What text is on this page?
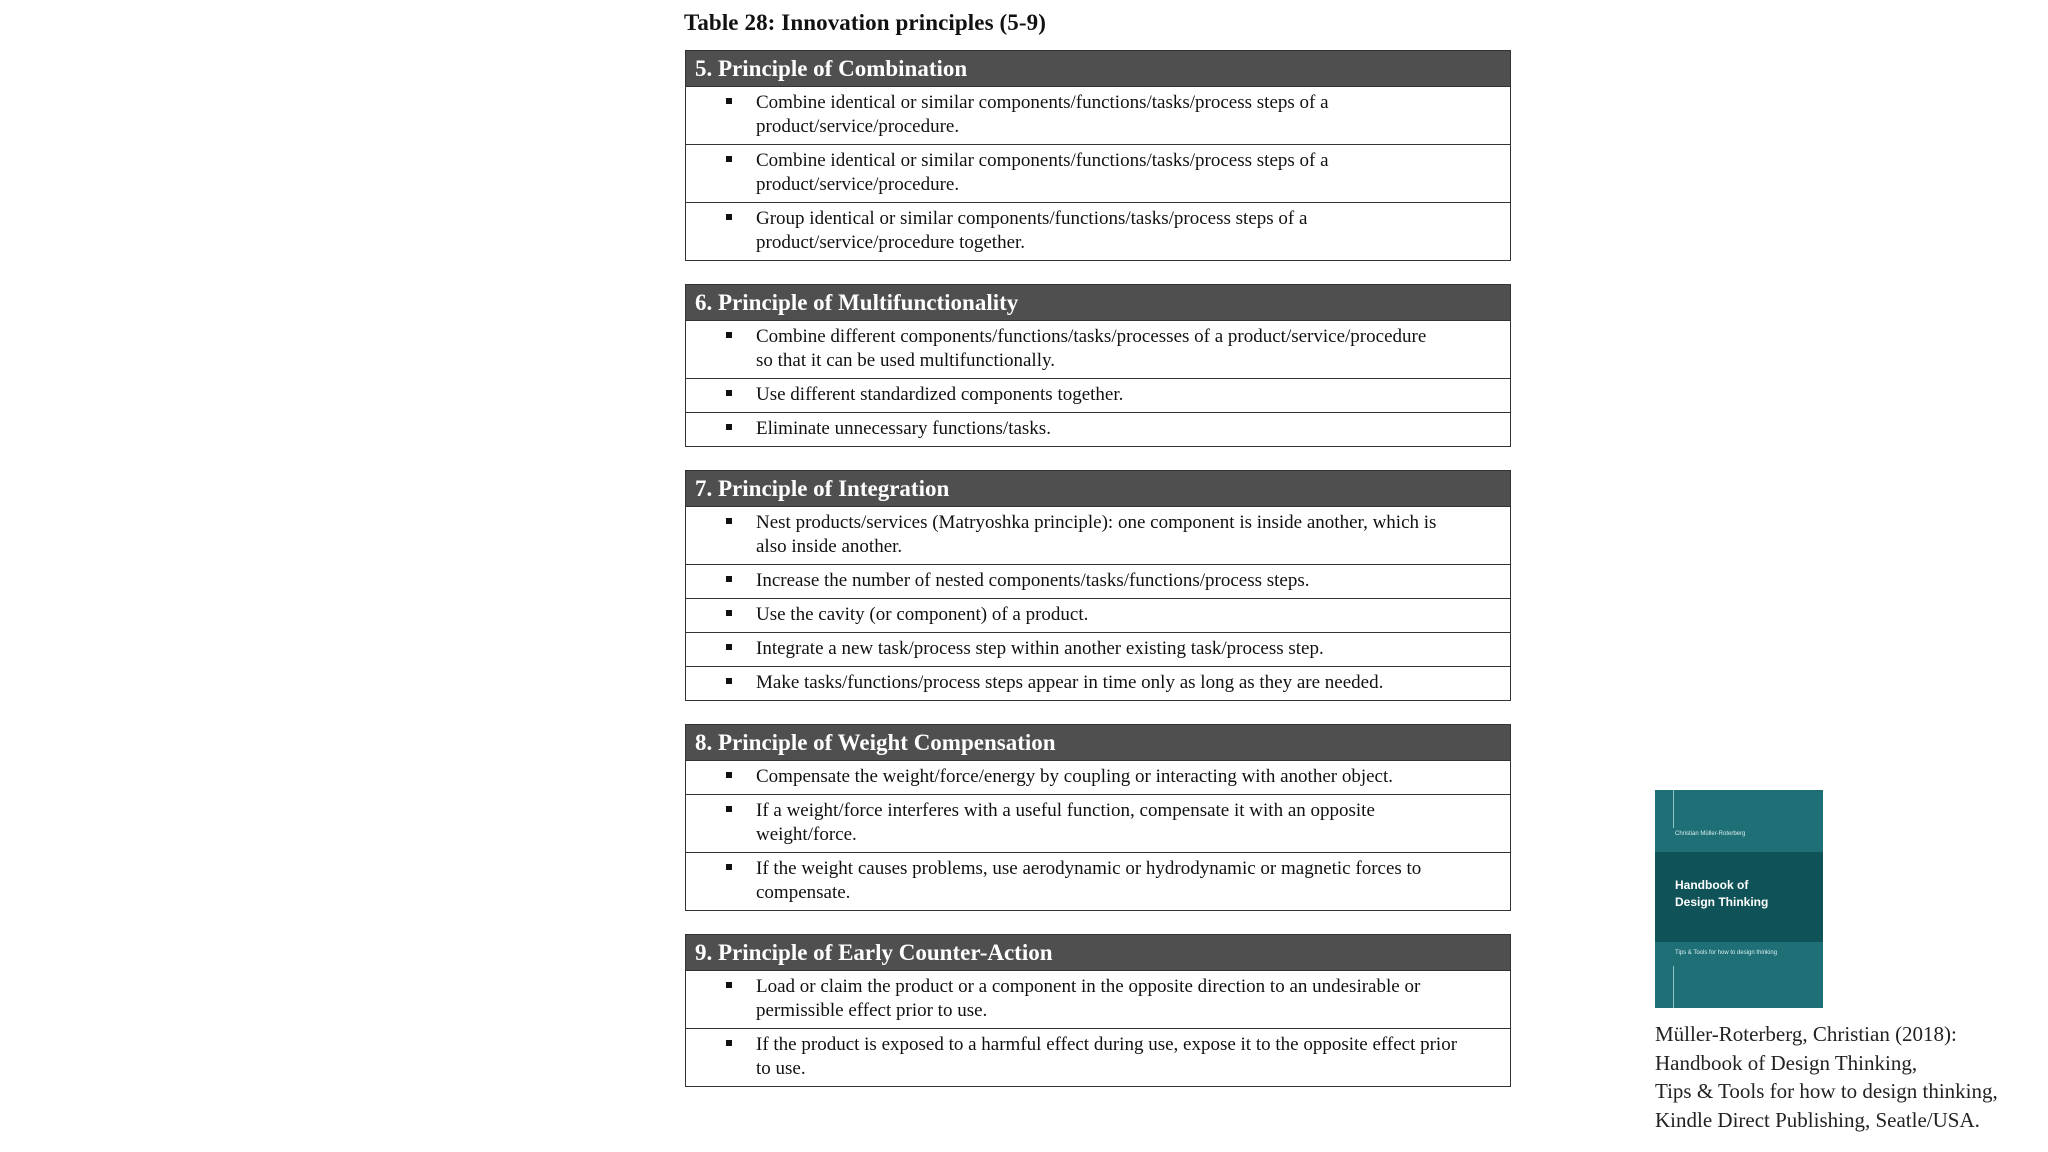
Table 28: Innovation principles (5-9)
5. Principle of Combination
Combine identical or similar components/functions/tasks/process steps of a
product/service/procedure.
Combine identical or similar components/functions/tasks/process steps of a
product/service/procedure.
Group identical or similar components/functions/tasks/process steps of a
product/service/procedure together.
6. Principle of Multifunctionality
Combine different components/functions/tasks/processes of a product/service/procedure
so that it can be used multifunctionally.
Use different standardized components together.
Eliminate unnecessary functions/tasks.
7. Principle of Integration
Nest products/services (Matryoshka principle): one component is inside another, which is
also inside another.
Increase the number of nested components/tasks/functions/process steps.
Use the cavity (or component) of a product.
Integrate a new task/process step within another existing task/process step.
Make tasks/functions/process steps appear in time only as long as they are needed.
8. Principle of Weight Compensation
Compensate the weight/force/energy by coupling or interacting with another object.
If a weight/force interferes with a useful function, compensate it with an opposite
weight/force.
If the weight causes problems, use aerodynamic or hydrodynamic or magnetic forces to
compensate.
9. Principle of Early Counter-Action
Load or claim the product or a component in the opposite direction to an undesirable or
permissible effect prior to use.
If the product is exposed to a harmful effect during use, expose it to the opposite effect prior
to use.
Christian Müller-Roterberg
Handbook of
Design Thinking
Tips & Tools for how to design thinking
Müller-Roterberg, Christian (2018):
Handbook of Design Thinking,
Tips & Tools for how to design thinking,
Kindle Direct Publishing, Seatle/USA.
